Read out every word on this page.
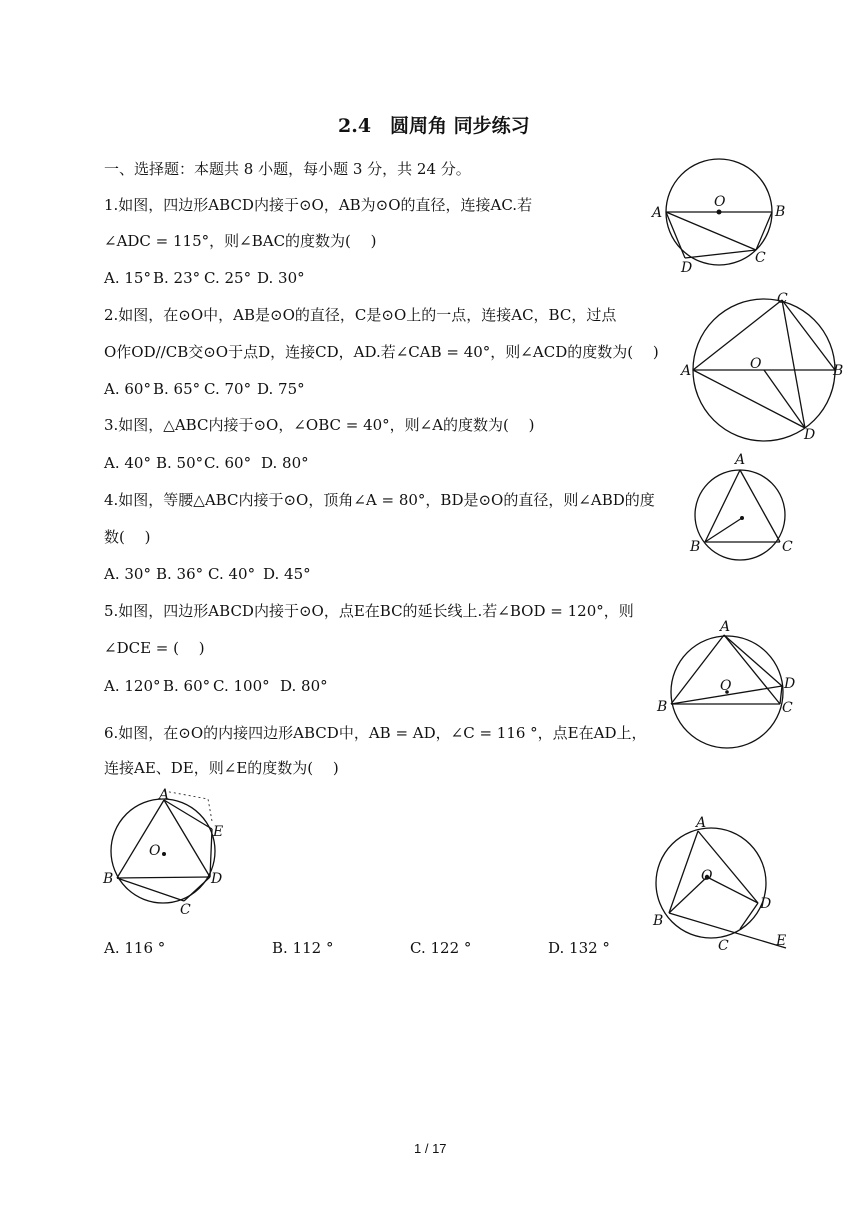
2.4　圆周角 同步练习
一、选择题：本题共 8 小题，每小题 3 分，共 24 分。
1.如图，四边形ABCD内接于⊙O，AB为⊙O的直径，连接AC.若
∠ADC = 115°，则∠BAC的度数为(　 )
A. 15° B. 23° C. 25° D. 30°
2.如图，在⊙O中，AB是⊙O的直径，C是⊙O上的一点，连接AC，BC，过点
O作OD//CB交⊙O于点D，连接CD，AD.若∠CAB = 40°，则∠ACD的度数为(　 )
A. 60° B. 65° C. 70° D. 75°
3.如图，△ABC内接于⊙O，∠OBC = 40°，则∠A的度数为(　 )
A. 40° B. 50° C. 60° D. 80°
4.如图，等腰△ABC内接于⊙O，顶角∠A = 80°，BD是⊙O的直径，则∠ABD的度
数(　 )
A. 30° B. 36° C. 40° D. 45°
5.如图，四边形ABCD内接于⊙O，点E在BC的延长线上.若∠BOD = 120°，则
∠DCE = (　 )
A. 120° B. 60° C. 100° D. 80°
6.如图，在⊙O的内接四边形ABCD中，AB = AD，∠C = 116 °，点E在AD上，
连接AE、DE，则∠E的度数为(　 )
A. 116 °	B. 112 °	C. 122 °	D. 132 °
O
A	B
D
C
C
A	O	B
D
A
B	C
A
O	D
B	C
A
E
O
B	D
C
A
O
D
B
C	E
1 / 17
